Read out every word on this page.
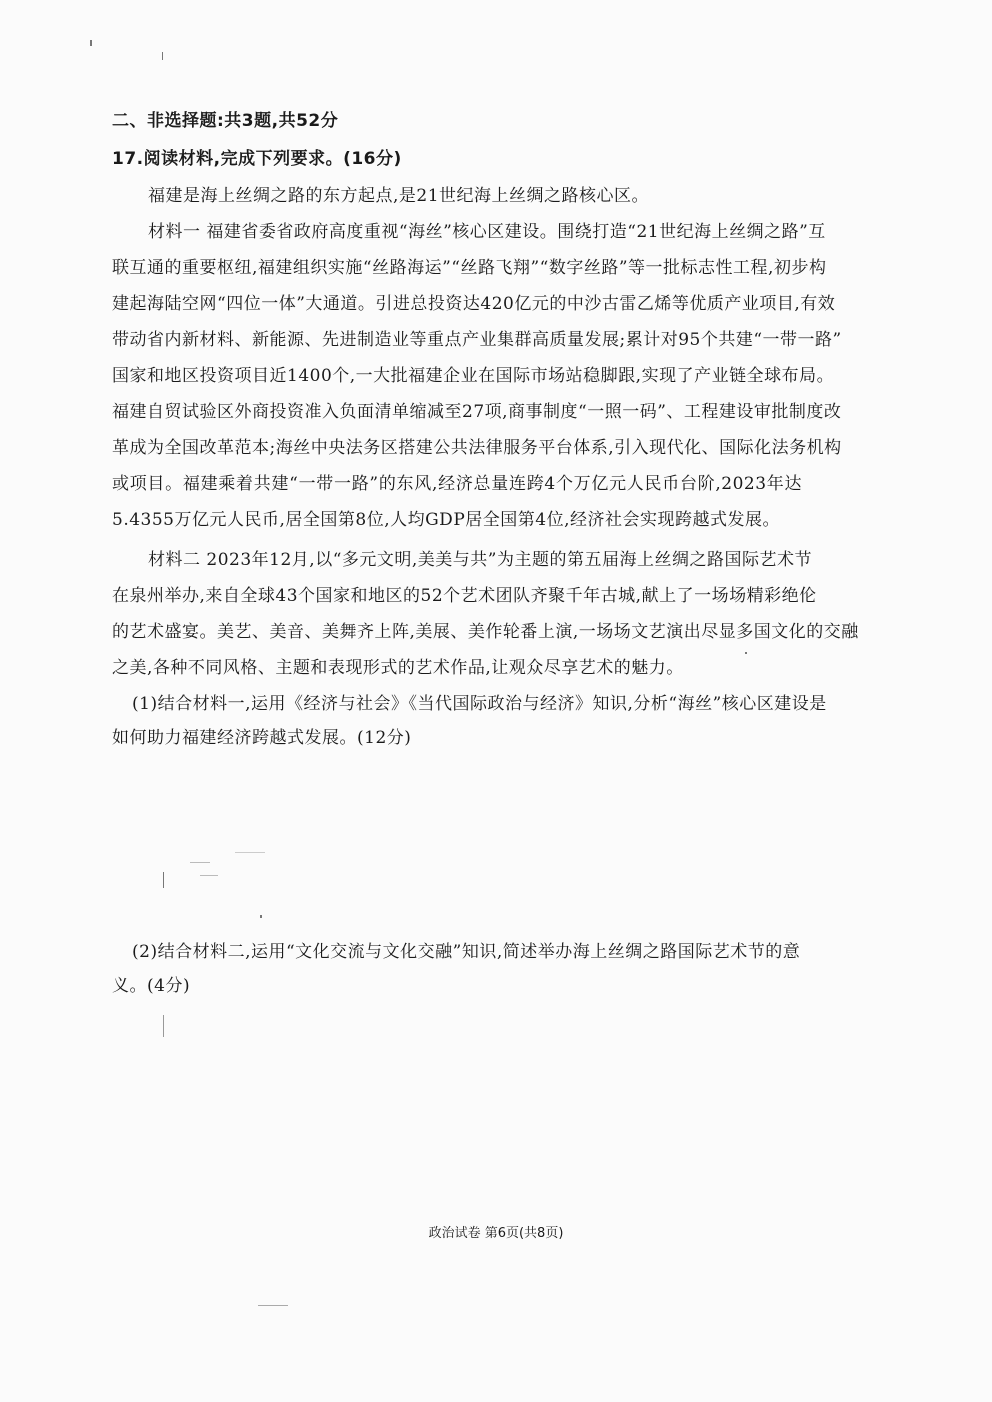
二、非选择题:共3题,共52分
17.阅读材料,完成下列要求。(16分)
福建是海上丝绸之路的东方起点,是21世纪海上丝绸之路核心区。
材料一 福建省委省政府高度重视“海丝”核心区建设。围绕打造“21世纪海上丝绸之路”互
联互通的重要枢纽,福建组织实施“丝路海运”“丝路飞翔”“数字丝路”等一批标志性工程,初步构
建起海陆空网“四位一体”大通道。引进总投资达420亿元的中沙古雷乙烯等优质产业项目,有效
带动省内新材料、新能源、先进制造业等重点产业集群高质量发展;累计对95个共建“一带一路”
国家和地区投资项目近1400个,一大批福建企业在国际市场站稳脚跟,实现了产业链全球布局。
福建自贸试验区外商投资准入负面清单缩减至27项,商事制度“一照一码”、工程建设审批制度改
革成为全国改革范本;海丝中央法务区搭建公共法律服务平台体系,引入现代化、国际化法务机构
或项目。福建乘着共建“一带一路”的东风,经济总量连跨4个万亿元人民币台阶,2023年达
5.4355万亿元人民币,居全国第8位,人均GDP居全国第4位,经济社会实现跨越式发展。
材料二 2023年12月,以“多元文明,美美与共”为主题的第五届海上丝绸之路国际艺术节
在泉州举办,来自全球43个国家和地区的52个艺术团队齐聚千年古城,献上了一场场精彩绝伦
的艺术盛宴。美艺、美音、美舞齐上阵,美展、美作轮番上演,一场场文艺演出尽显多国文化的交融
之美,各种不同风格、主题和表现形式的艺术作品,让观众尽享艺术的魅力。
(1)结合材料一,运用《经济与社会》《当代国际政治与经济》知识,分析“海丝”核心区建设是
如何助力福建经济跨越式发展。(12分)
(2)结合材料二,运用“文化交流与文化交融”知识,简述举办海上丝绸之路国际艺术节的意
义。(4分)
政治试卷 第6页(共8页)
